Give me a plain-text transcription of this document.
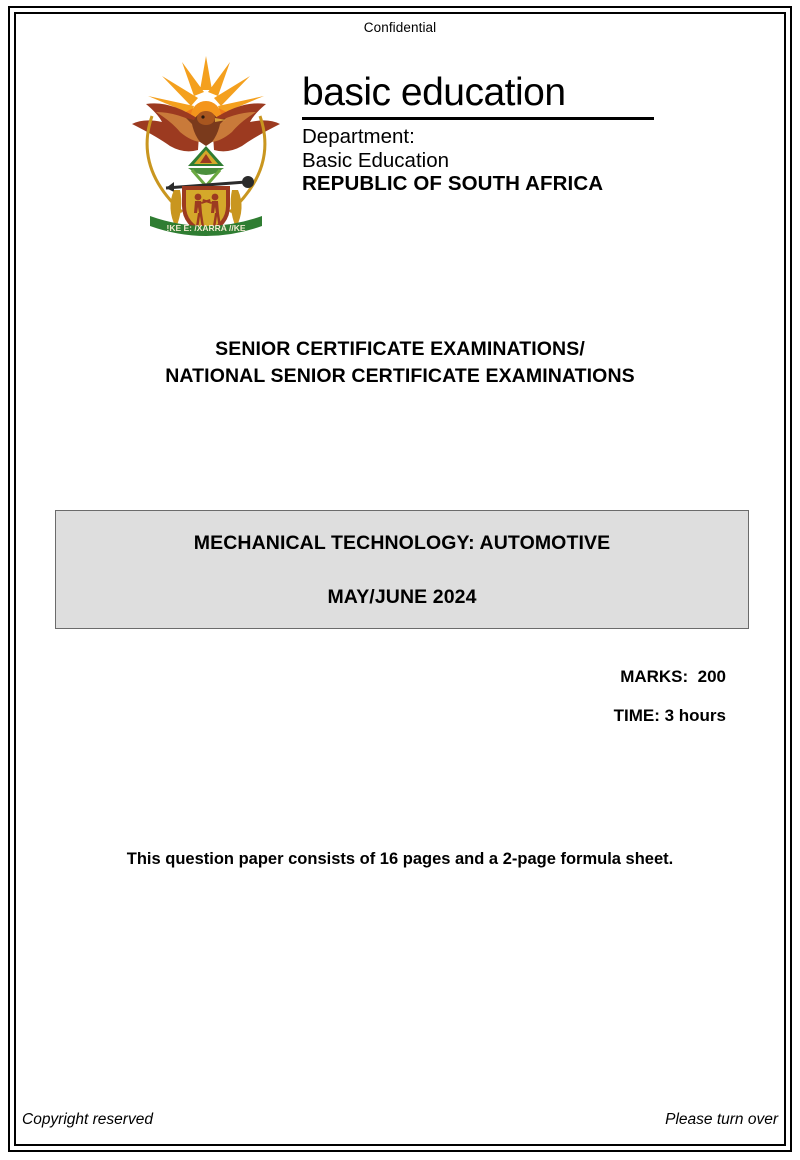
Confidential
!KE E: /XARRA //KE
basic education
Department:
Basic Education
REPUBLIC OF SOUTH AFRICA
SENIOR CERTIFICATE EXAMINATIONS/
NATIONAL SENIOR CERTIFICATE EXAMINATIONS
MECHANICAL TECHNOLOGY: AUTOMOTIVE
MAY/JUNE 2024
MARKS:  200
TIME: 3 hours
This question paper consists of 16 pages and a 2-page formula sheet.
Copyright reserved	Please turn over
